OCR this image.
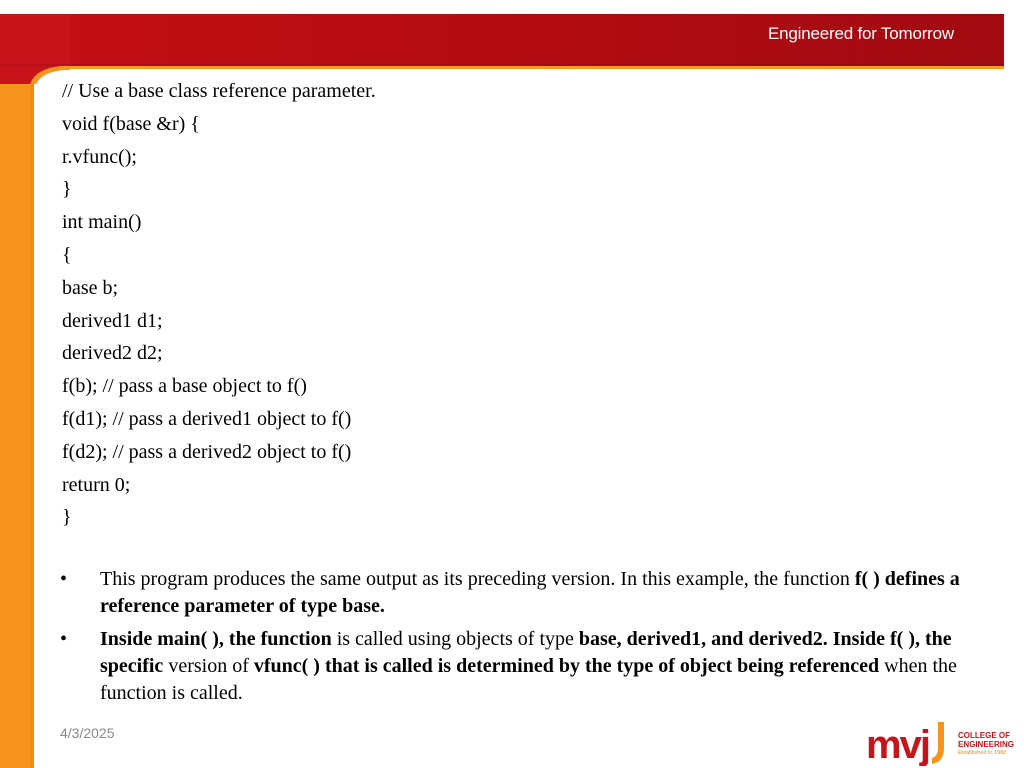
Engineered for Tomorrow
// Use a base class reference parameter.
void f(base &r) {
r.vfunc();
}
int main()
{
base b;
derived1 d1;
derived2 d2;
f(b); // pass a base object to f()
f(d1); // pass a derived1 object to f()
f(d2); // pass a derived2 object to f()
return 0;
}
•	This program produces the same output as its preceding version. In this example, the function f( ) defines a reference parameter of type base.
•	Inside main( ), the function is called using objects of type base, derived1, and derived2. Inside f( ), the specific version of vfunc( ) that is called is determined by the type of object being referenced when the function is called.
4/3/2025	mvj	COLLEGE OF
ENGINEERING
Established In 1982
